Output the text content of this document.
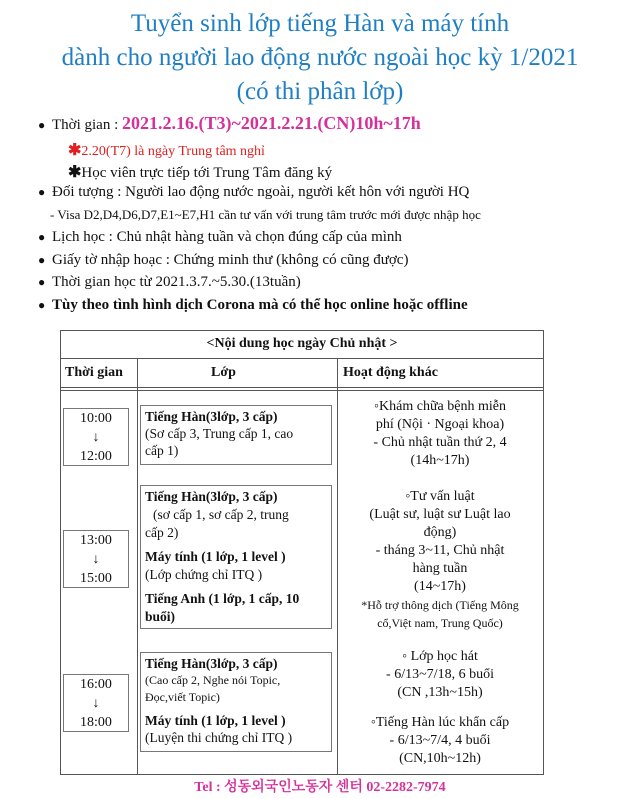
Tuyển sinh lớp tiếng Hàn và máy tính
dành cho người lao động nước ngoài học kỳ 1/2021
(có thi phân lớp)
● Thời gian : 2021.2.16.(T3)~2021.2.21.(CN)10h~17h
✱2.20(T7) là ngày Trung tâm nghỉ
✱Học viên trực tiếp tới Trung Tâm đăng ký
● Đối tượng : Người lao động nước ngoài, người kết hôn với người HQ
- Visa D2,D4,D6,D7,E1~E7,H1 cần tư vấn với trung tâm trước mới được nhập học
● Lịch học : Chủ nhật hàng tuần và chọn đúng cấp của mình
● Giấy tờ nhập hoạc : Chứng minh thư (không có cũng được)
● Thời gian học từ 2021.3.7.~5.30.(13tuần)
● Tùy theo tình hình dịch Corona mà có thể học online hoặc offline
<Nội dung học ngày Chủ nhật >
Thời gian	Lớp	Hoạt động khác
10:00
↓
12:00
13:00
↓
15:00
16:00
↓
18:00
Tiếng Hàn(3lớp, 3 cấp)
(Sơ cấp 3, Trung cấp 1, cao
cấp 1)
Tiếng Hàn(3lớp, 3 cấp)
(sơ cấp 1, sơ cấp 2, trung
cấp 2)
Máy tính (1 lớp, 1 level )
(Lớp chứng chỉ ITQ )
Tiếng Anh (1 lớp, 1 cấp, 10
buổi)
Tiếng Hàn(3lớp, 3 cấp)
(Cao cấp 2, Nghe nói Topic,
Đọc,viết Topic)
Máy tính (1 lớp, 1 level )
(Luyện thi chứng chỉ ITQ )
◦Khám chữa bệnh miễn
phí (Nội · Ngoại khoa)
- Chủ nhật tuần thứ 2, 4
(14h~17h)
◦Tư vấn luật
(Luật sư, luật sư Luật lao
động)
- tháng 3~11, Chủ nhật
hàng tuần
(14~17h)
*Hỗ trợ thông dịch (Tiếng Mông
cổ,Việt nam, Trung Quốc)
◦ Lớp học hát
- 6/13~7/18, 6 buổi
(CN ,13h~15h)
◦Tiếng Hàn lúc khẩn cấp
- 6/13~7/4, 4 buổi
(CN,10h~12h)
Tel : 성동외국인노동자 센터 02-2282-7974
